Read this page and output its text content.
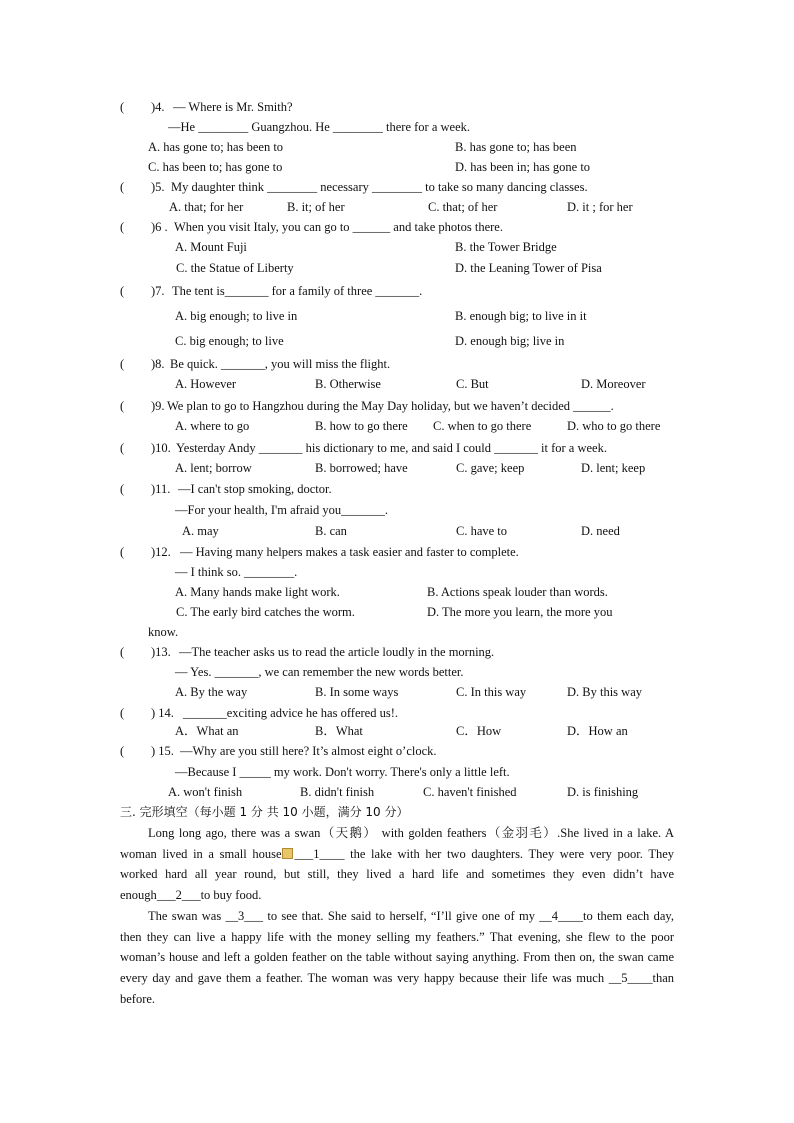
( )4. — Where is Mr. Smith?
—He ________ Guangzhou. He ________ there for a week.
A. has gone to; has been to	B. has gone to; has been
C. has been to; has gone to	D. has been in; has gone to
( )5. My daughter think ________ necessary ________ to take so many dancing classes.
A. that; for her	B. it; of her	C. that; of her	D. it ; for her
( )6 . When you visit Italy, you can go to ______ and take photos there.
A. Mount Fuji	B. the Tower Bridge
C. the Statue of Liberty	D. the Leaning Tower of Pisa
( )7. The tent is_______ for a family of three _______.
A. big enough; to live in	B. enough big; to live in it
C. big enough; to live	D. enough big; live in
( )8. Be quick. _______, you will miss the flight.
A. However	B. Otherwise	C. But	D. Moreover
( )9. We plan to go to Hangzhou during the May Day holiday, but we haven’t decided ______.
A. where to go	B. how to go there C. when to go there	D. who to go there
( )10. Yesterday Andy _______ his dictionary to me, and said I could _______ it for a week.
A. lent; borrow	B. borrowed; have	C. gave; keep	D. lent; keep
( )11. —I can't stop smoking, doctor.
—For your health, I'm afraid you_______.
A. may	B. can	C. have to	D. need
( )12. — Having many helpers makes a task easier and faster to complete.
— I think so. ________.
A. Many hands make light work.	B. Actions speak louder than words.
C. The early bird catches the worm.	D. The more you learn, the more you
know.
( )13. —The teacher asks us to read the article loudly in the morning.
— Yes. _______, we can remember the new words better.
A. By the way	B. In some ways	C. In this way	D. By this way
( ) 14. _______exciting advice he has offered us!.
A．What an	B．What	C．How	D．How an
( ) 15. —Why are you still here? It’s almost eight o’clock.
—Because I _____ my work. Don't worry. There's only a little left.
A. won't finish	B. didn't finish	C. haven't finished	D. is finishing
三. 完形填空（每小题 1 分 共 10 小题，满分 10 分）
Long long ago, there was a swan（天鹅） with golden feathers（金羽毛）.She lived in a lake. A woman lived in a small house ___1____ the lake with her two daughters. They were very poor. They worked hard all year round, but still, they lived a hard life and sometimes they even didn’t have enough___2___to buy food.
The swan was __3___ to see that. She said to herself, “I’ll give one of my __4____to them each day, then they can live a happy life with the money selling my feathers.” That evening, she flew to the poor woman’s house and left a golden feather on the table without saying anything. From then on, the swan came every day and gave them a feather. The woman was very happy because their life was much __5____than before.
